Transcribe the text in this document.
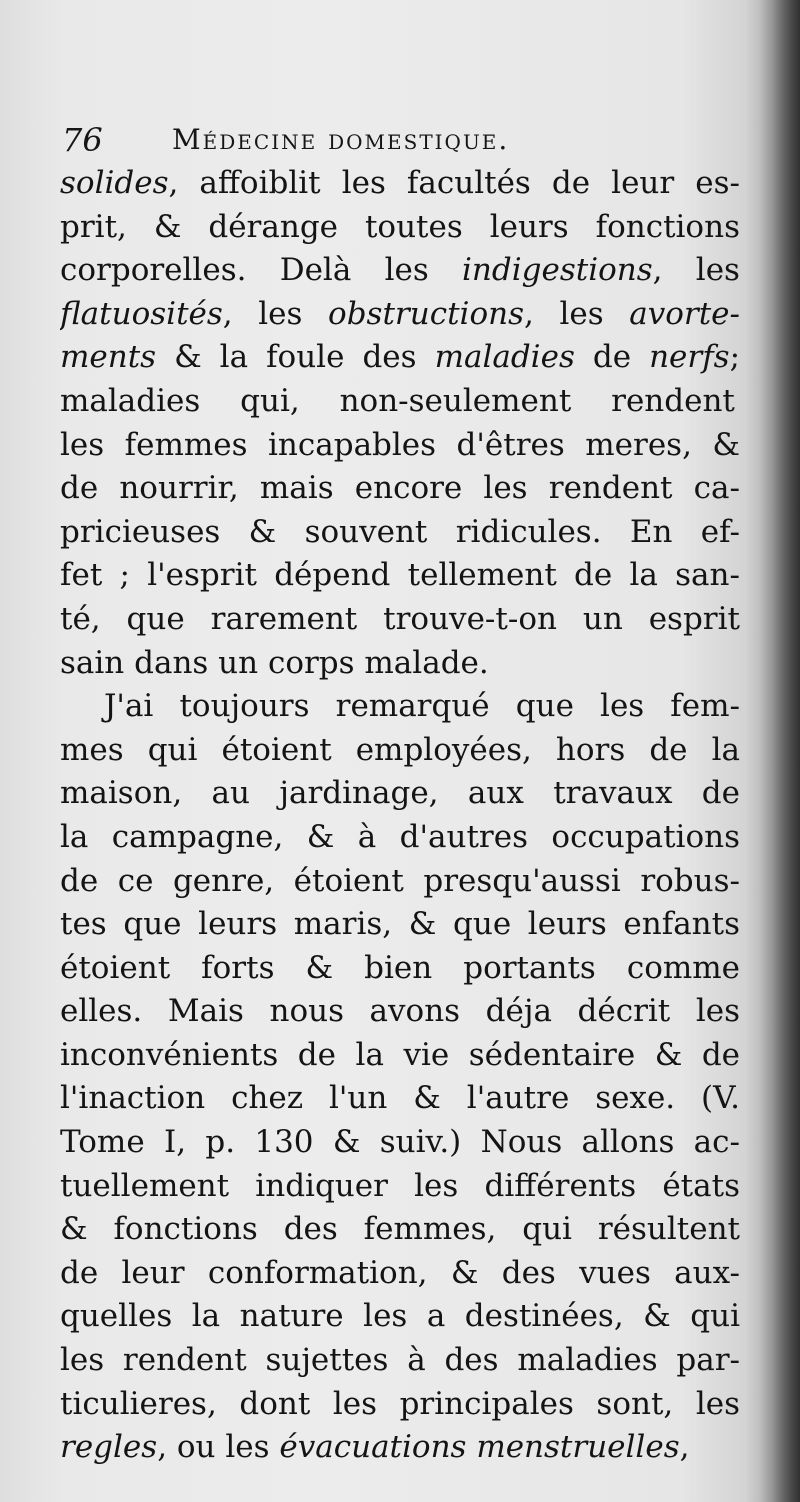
76 Médecine domestique.
solides, affoiblit les facultés de leur es-
prit, & dérange toutes leurs fonctions
corporelles. Delà les indigestions, les
flatuosités, les obstructions, les avorte-
ments & la foule des maladies de nerfs;
maladies qui, non-seulement rendent
les femmes incapables d'êtres meres, &
de nourrir, mais encore les rendent ca-
pricieuses & souvent ridicules. En ef-
fet ; l'esprit dépend tellement de la san-
té, que rarement trouve-t-on un esprit
sain dans un corps malade.
J'ai toujours remarqué que les fem-
mes qui étoient employées, hors de la
maison, au jardinage, aux travaux de
la campagne, & à d'autres occupations
de ce genre, étoient presqu'aussi robus-
tes que leurs maris, & que leurs enfants
étoient forts & bien portants comme
elles. Mais nous avons déja décrit les
inconvénients de la vie sédentaire & de
l'inaction chez l'un & l'autre sexe. (V.
Tome I, p. 130 & suiv.) Nous allons ac-
tuellement indiquer les différents états
& fonctions des femmes, qui résultent
de leur conformation, & des vues aux-
quelles la nature les a destinées, & qui
les rendent sujettes à des maladies par-
ticulieres, dont les principales sont, les
regles, ou les évacuations menstruelles,
